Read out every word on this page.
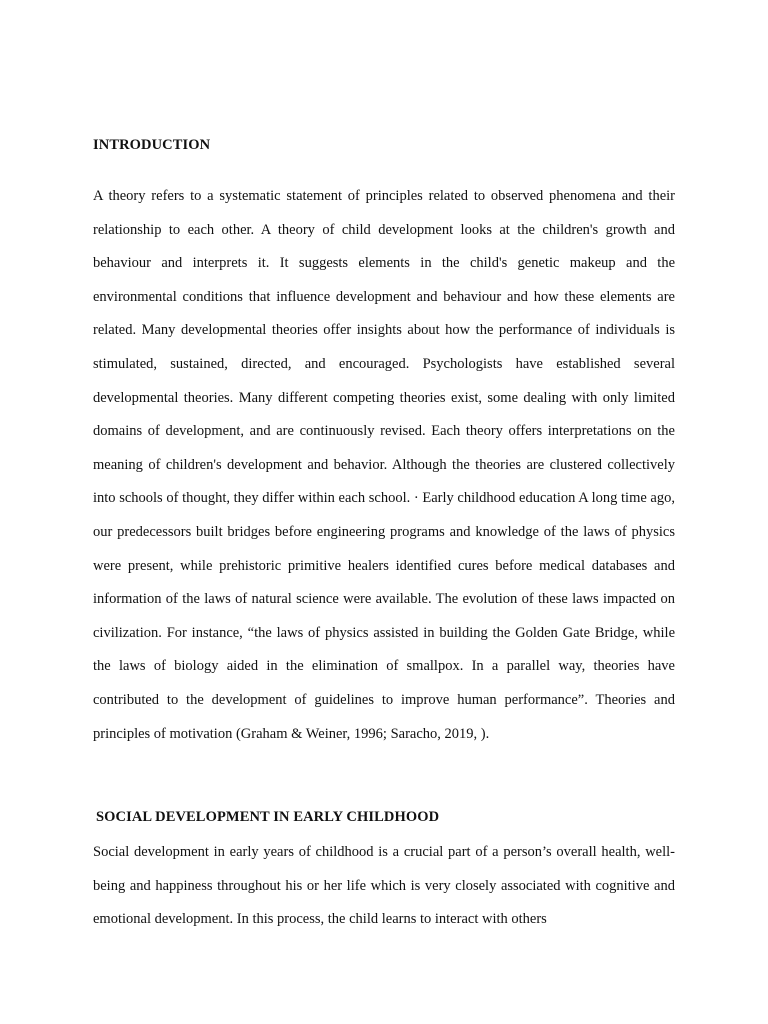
INTRODUCTION

A theory refers to a systematic statement of principles related to observed phenomena and their relationship to each other. A theory of child development looks at the children's growth and behaviour and interprets it. It suggests elements in the child's genetic makeup and the environmental conditions that influence development and behaviour and how these elements are related. Many developmental theories offer insights about how the performance of individuals is stimulated, sustained, directed, and encouraged. Psychologists have established several developmental theories. Many different competing theories exist, some dealing with only limited domains of development, and are continuously revised. Each theory offers interpretations on the meaning of children's development and behavior. Although the theories are clustered collectively into schools of thought, they differ within each school. · Early childhood education A long time ago, our predecessors built bridges before engineering programs and knowledge of the laws of physics were present, while prehistoric primitive healers identified cures before medical databases and information of the laws of natural science were available. The evolution of these laws impacted on civilization. For instance, “the laws of physics assisted in building the Golden Gate Bridge, while the laws of biology aided in the elimination of smallpox. In a parallel way, theories have contributed to the development of guidelines to improve human performance”. Theories and principles of motivation (Graham & Weiner, 1996; Saracho, 2019, ).

SOCIAL DEVELOPMENT IN EARLY CHILDHOOD

Social development in early years of childhood is a crucial part of a person’s overall health, well-being and happiness throughout his or her life which is very closely associated with cognitive and emotional development. In this process, the child learns to interact with others
